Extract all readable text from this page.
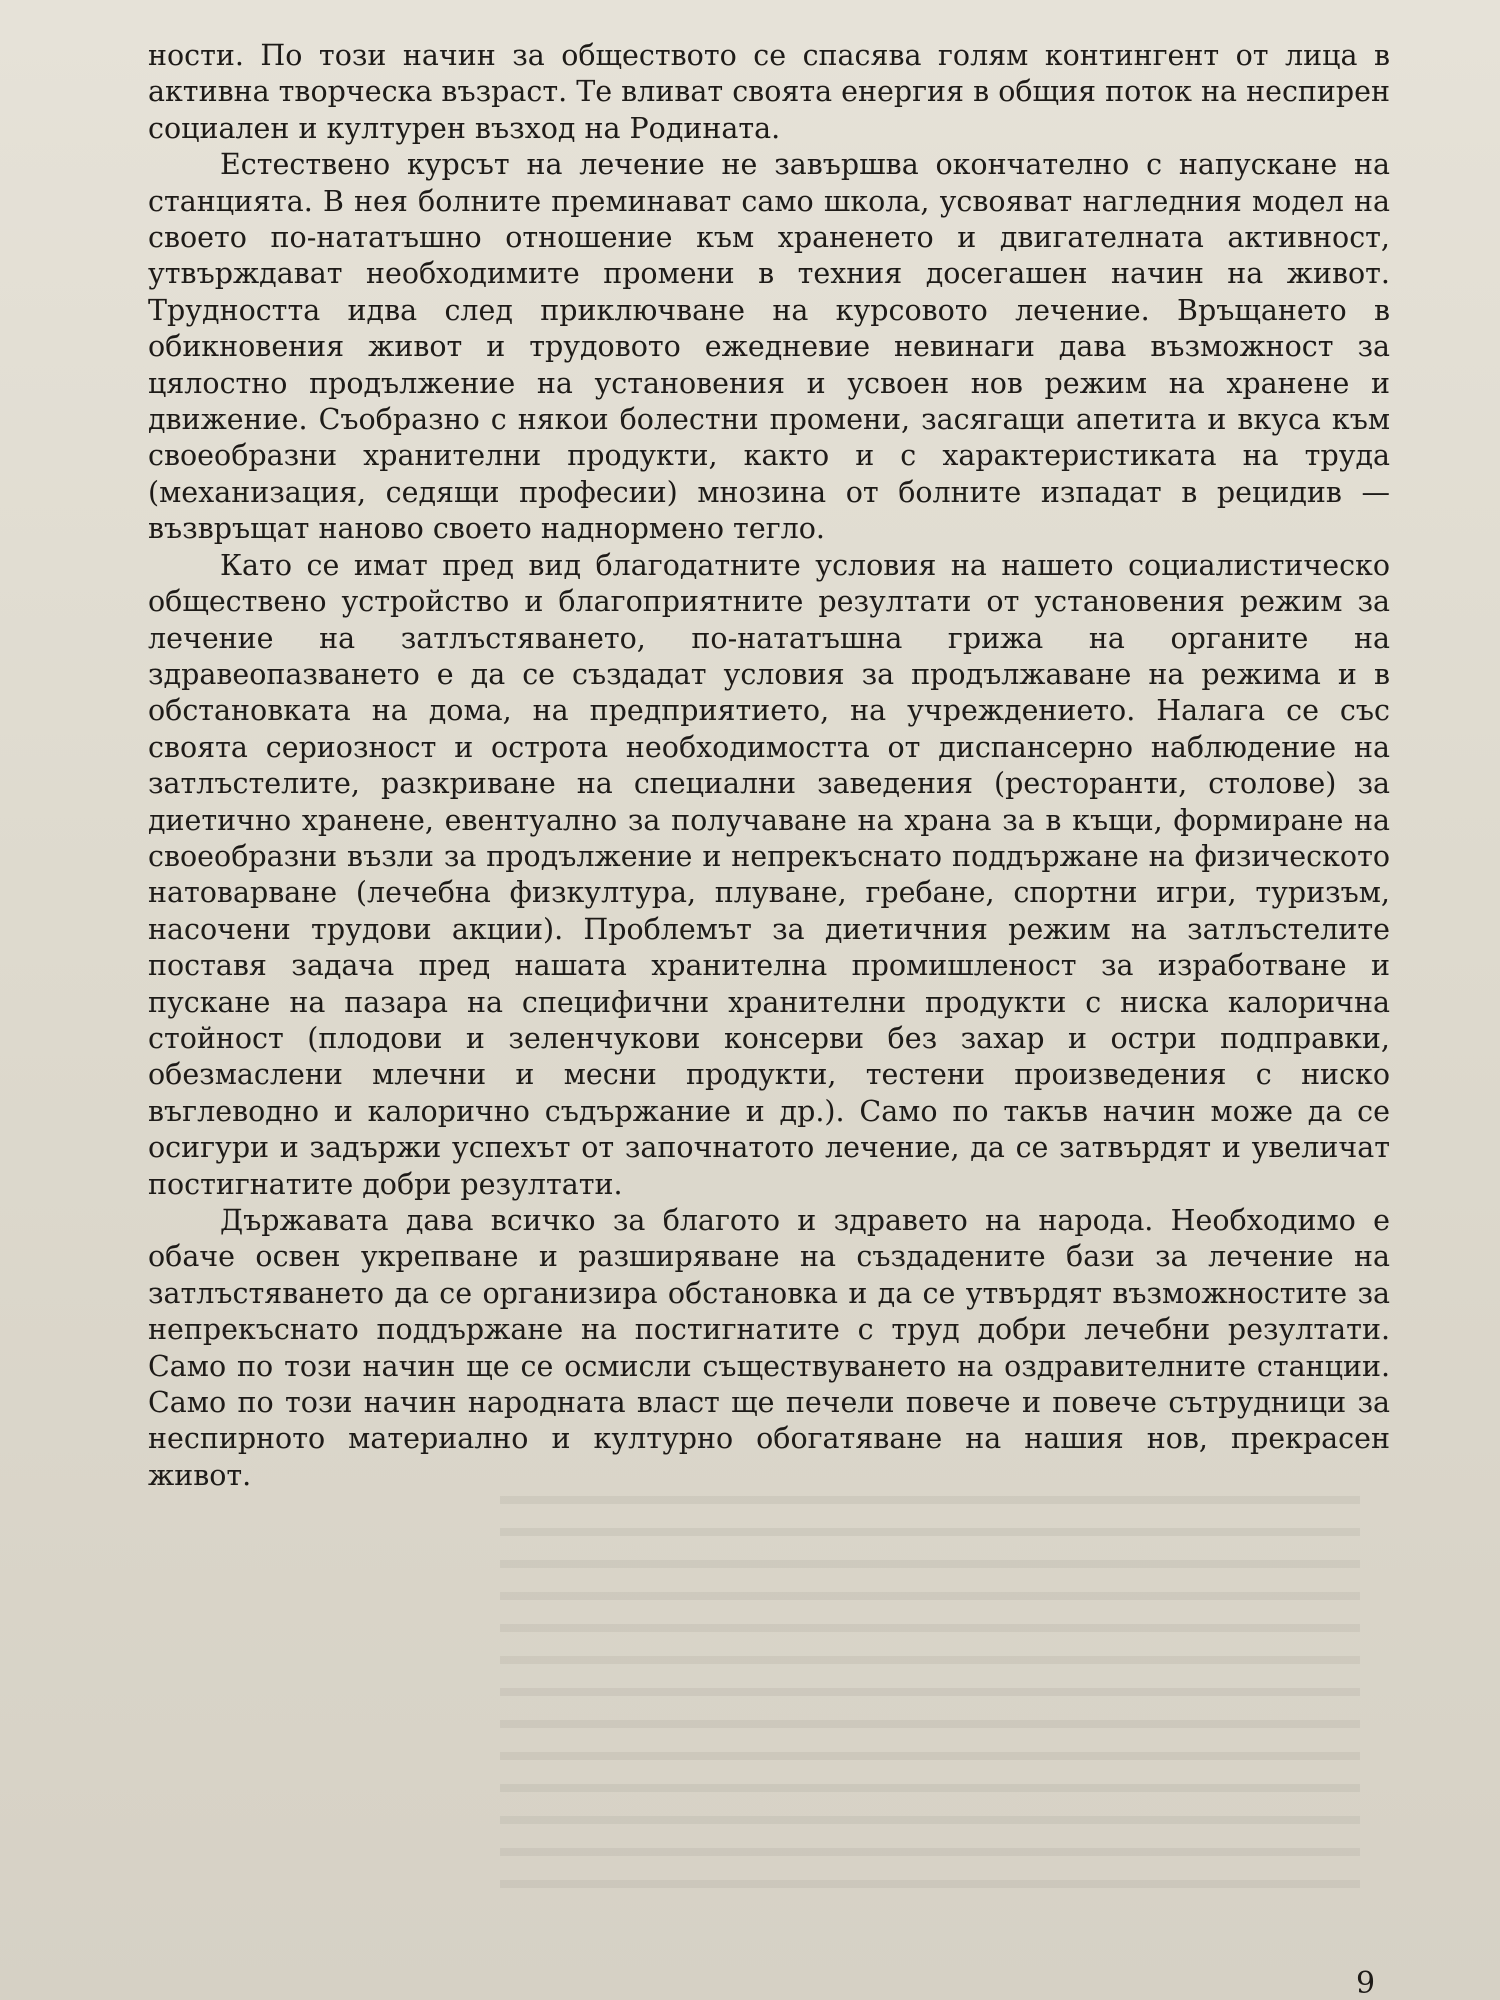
ности. По този начин за обществото се спасява голям контингент от лица в активна творческа възраст. Те вливат своята енергия в общия поток на неспирен социален и културен възход на Родината.

Естествено курсът на лечение не завършва окончателно с напускане на станцията. В нея болните преминават само школа, усвояват нагледния модел на своето по-нататъшно отношение към храненето и двигателната активност, утвърждават необходимите промени в техния досегашен начин на живот. Трудността идва след приключване на курсовото лечение. Връщането в обикновения живот и трудовото ежедневие невинаги дава възможност за цялостно продължение на установения и усвоен нов режим на хранене и движение. Съобразно с някои болестни промени, засягащи апетита и вкуса към своеобразни хранителни продукти, както и с характеристиката на труда (механизация, седящи професии) мнозина от болните изпадат в рецидив — възвръщат наново своето наднормено тегло.

Като се имат пред вид благодатните условия на нашето социалистическо обществено устройство и благоприятните резултати от установения режим за лечение на затлъстяването, по-нататъшна грижа на органите на здравеопазването е да се създадат условия за продължаване на режима и в обстановката на дома, на предприятието, на учреждението. Налага се със своята сериозност и острота необходимостта от диспансерно наблюдение на затлъстелите, разкриване на специални заведения (ресторанти, столове) за диетично хранене, евентуално за получаване на храна за в къщи, формиране на своеобразни възли за продължение и непрекъснато поддържане на физическото натоварване (лечебна физкултура, плуване, гребане, спортни игри, туризъм, насочени трудови акции). Проблемът за диетичния режим на затлъстелите поставя задача пред нашата хранителна промишленост за изработване и пускане на пазара на специфични хранителни продукти с ниска калорична стойност (плодови и зеленчукови консерви без захар и остри подправки, обезмаслени млечни и месни продукти, тестени произведения с ниско въглеводно и калорично съдържание и др.). Само по такъв начин може да се осигури и задържи успехът от започнатото лечение, да се затвърдят и увеличат постигнатите добри резултати.

Държавата дава всичко за благото и здравето на народа. Необходимо е обаче освен укрепване и разширяване на създадените бази за лечение на затлъстяването да се организира обстановка и да се утвърдят възможностите за непрекъснато поддържане на постигнатите с труд добри лечебни резултати. Само по този начин ще се осмисли съществуването на оздравителните станции. Само по този начин народната власт ще печели повече и повече сътрудници за неспирното материално и културно обогатяване на нашия нов, прекрасен живот.

9
